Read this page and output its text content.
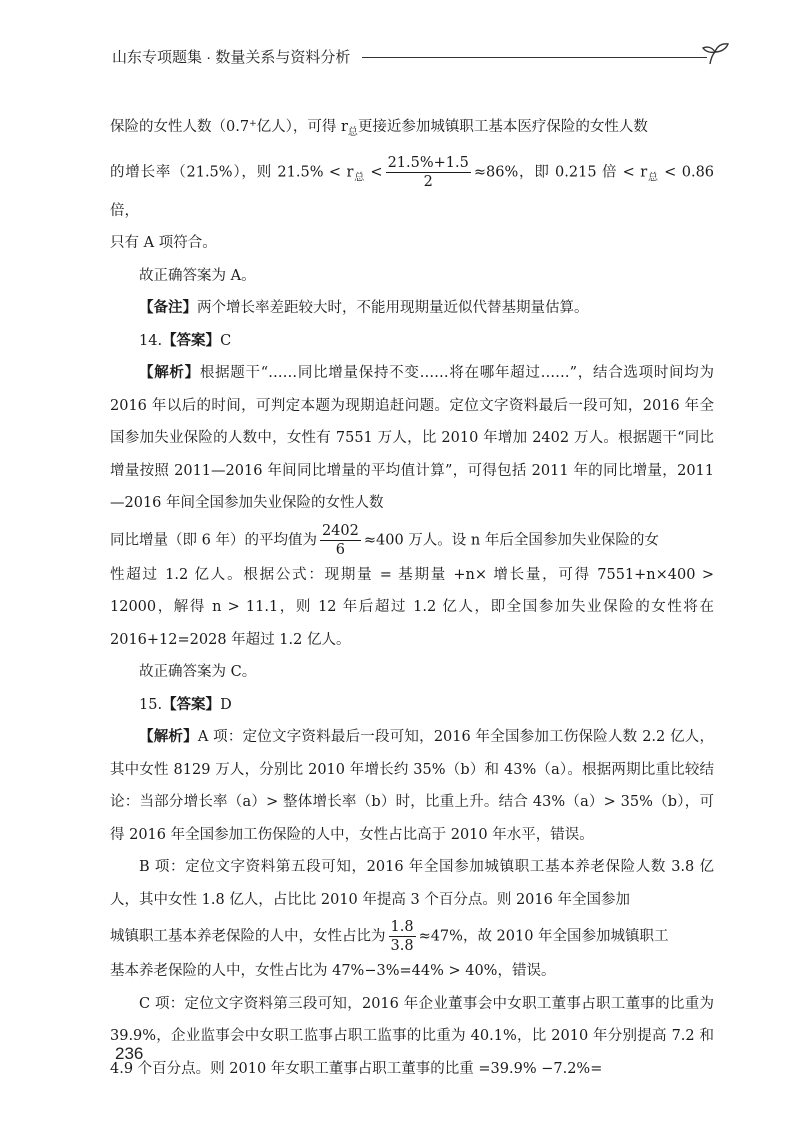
山东专项题集 · 数量关系与资料分析

保险的女性人数（0.7+亿人），可得 $r_总$更接近参加城镇职工基本医疗保险的女性人数

的增长率（21.5%），则 $21.5\% < r_总 < \frac{21.5\%+1.5}{2} \approx 86\%$，即 0.215 倍 < $r_总 < 0.86$ 倍，

只有 A 项符合。

故正确答案为 A。

【备注】两个增长率差距较大时，不能用现期量近似代替基期量估算。

14.【答案】C

【解析】根据题干“……同比增量保持不变……将在哪年超过……”，结合选项时间均为 2016 年以后的时间，可判定本题为现期追赶问题。定位文字资料最后一段可知，2016 年全国参加失业保险的人数中，女性有 7551 万人，比 2010 年增加 2402 万人。根据题干“同比增量按照 2011—2016 年间同比增量的平均值计算”，可得包括 2011 年的同比增量，2011—2016 年间全国参加失业保险的女性人数

同比增量（即 6 年）的平均值为 $\frac{2402}{6} \approx 400$ 万人。设 n 年后全国参加失业保险的女

性超过 1.2 亿人。根据公式：现期量 = 基期量 +n× 增长量，可得 7551+n×400 > 12000，解得 n > 11.1，则 12 年后超过 1.2 亿人，即全国参加失业保险的女性将在 2016+12=2028 年超过 1.2 亿人。

故正确答案为 C。

15.【答案】D

【解析】A 项：定位文字资料最后一段可知，2016 年全国参加工伤保险人数 2.2 亿人，其中女性 8129 万人，分别比 2010 年增长约 35%（b）和 43%（a）。根据两期比重比较结论：当部分增长率（a）> 整体增长率（b）时，比重上升。结合 43%（a）> 35%（b），可得 2016 年全国参加工伤保险的人中，女性占比高于 2010 年水平，错误。

B 项：定位文字资料第五段可知，2016 年全国参加城镇职工基本养老保险人数 3.8 亿人，其中女性 1.8 亿人，占比比 2010 年提高 3 个百分点。则 2016 年全国参加

城镇职工基本养老保险的人中，女性占比为 $\frac{1.8}{3.8} \approx 47\%$，故 2010 年全国参加城镇职工

基本养老保险的人中，女性占比为 47%−3%=44% > 40%，错误。

C 项：定位文字资料第三段可知，2016 年企业董事会中女职工董事占职工董事的比重为 39.9%，企业监事会中女职工监事占职工监事的比重为 40.1%，比 2010 年分别提高 7.2 和 4.9 个百分点。则 2010 年女职工董事占职工董事的比重 =39.9% −7.2%=

236
